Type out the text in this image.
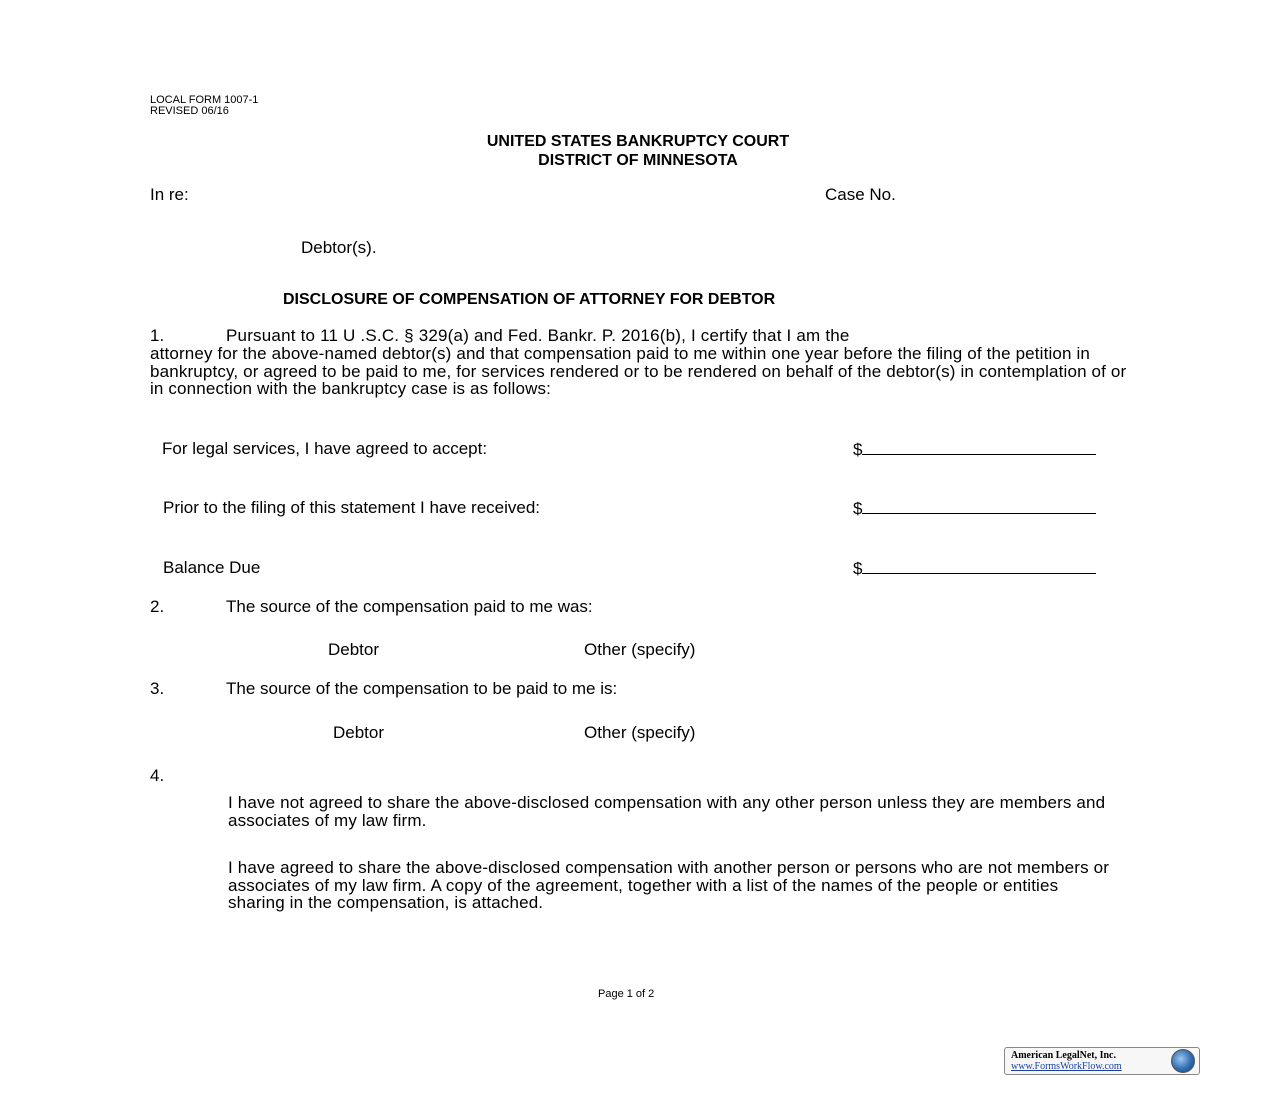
LOCAL FORM 1007-1
REVISED 06/16
UNITED STATES BANKRUPTCY COURT
DISTRICT OF MINNESOTA
In re:	Case No.
Debtor(s).
DISCLOSURE OF COMPENSATION OF ATTORNEY FOR DEBTOR
1.	Pursuant to 11 U .S.C. § 329(a) and Fed. Bankr. P. 2016(b), I certify that I am the
attorney for the above-named debtor(s) and that compensation paid to me within one year before the filing of the petition in bankruptcy, or agreed to be paid to me, for services rendered or to be rendered on behalf of the debtor(s) in contemplation of or in connection with the bankruptcy case is as follows:
For legal services, I have agreed to accept:	$
Prior to the filing of this statement I have received:	$
Balance Due	$
2.	The source of the compensation paid to me was:
Debtor	Other (specify)
3.	The source of the compensation to be paid to me is:
Debtor	Other (specify)
4.
I have not agreed to share the above-disclosed compensation with any other person unless they are members and associates of my law firm.
I have agreed to share the above-disclosed compensation with another person or persons who are not members or associates of my law firm. A copy of the agreement, together with a list of the names of the people or entities sharing in the compensation, is attached.
Page 1 of 2
American LegalNet, Inc.
www.FormsWorkFlow.com
